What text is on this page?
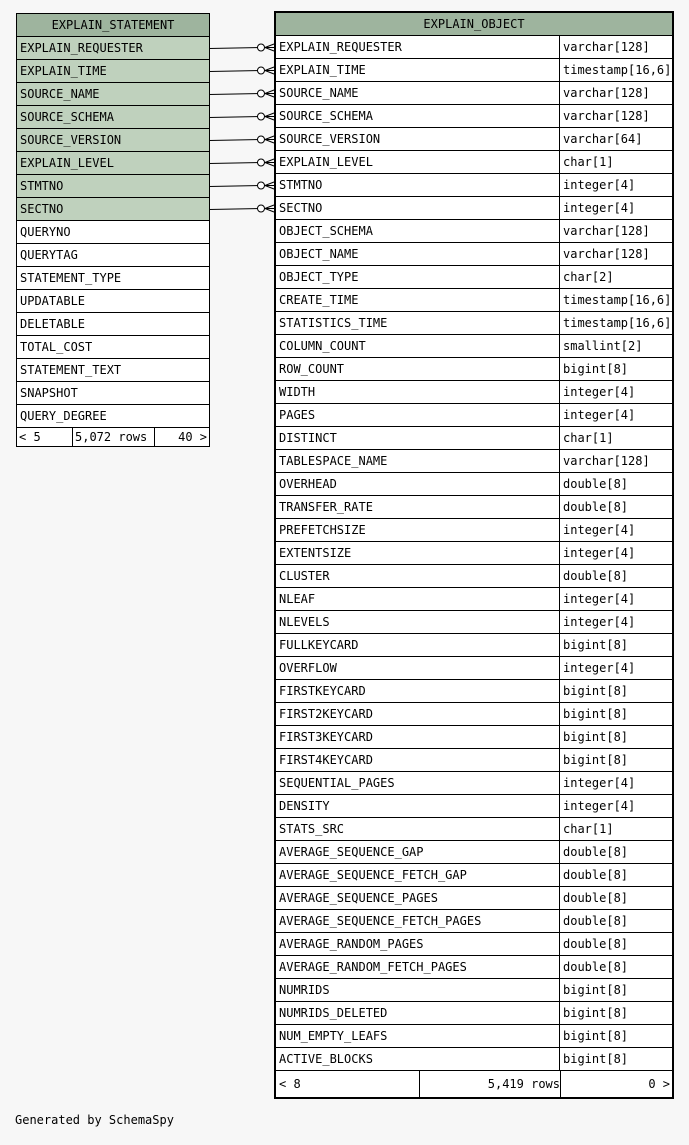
EXPLAIN_STATEMENT
EXPLAIN_REQUESTER
EXPLAIN_TIME
SOURCE_NAME
SOURCE_SCHEMA
SOURCE_VERSION
EXPLAIN_LEVEL
STMTNO
SECTNO
QUERYNO
QUERYTAG
STATEMENT_TYPE
UPDATABLE
DELETABLE
TOTAL_COST
STATEMENT_TEXT
SNAPSHOT
QUERY_DEGREE
< 5	5,072 rows	40 >
EXPLAIN_OBJECT
EXPLAIN_REQUESTER	varchar[128]
EXPLAIN_TIME	timestamp[16,6]
SOURCE_NAME	varchar[128]
SOURCE_SCHEMA	varchar[128]
SOURCE_VERSION	varchar[64]
EXPLAIN_LEVEL	char[1]
STMTNO	integer[4]
SECTNO	integer[4]
OBJECT_SCHEMA	varchar[128]
OBJECT_NAME	varchar[128]
OBJECT_TYPE	char[2]
CREATE_TIME	timestamp[16,6]
STATISTICS_TIME	timestamp[16,6]
COLUMN_COUNT	smallint[2]
ROW_COUNT	bigint[8]
WIDTH	integer[4]
PAGES	integer[4]
DISTINCT	char[1]
TABLESPACE_NAME	varchar[128]
OVERHEAD	double[8]
TRANSFER_RATE	double[8]
PREFETCHSIZE	integer[4]
EXTENTSIZE	integer[4]
CLUSTER	double[8]
NLEAF	integer[4]
NLEVELS	integer[4]
FULLKEYCARD	bigint[8]
OVERFLOW	integer[4]
FIRSTKEYCARD	bigint[8]
FIRST2KEYCARD	bigint[8]
FIRST3KEYCARD	bigint[8]
FIRST4KEYCARD	bigint[8]
SEQUENTIAL_PAGES	integer[4]
DENSITY	integer[4]
STATS_SRC	char[1]
AVERAGE_SEQUENCE_GAP	double[8]
AVERAGE_SEQUENCE_FETCH_GAP	double[8]
AVERAGE_SEQUENCE_PAGES	double[8]
AVERAGE_SEQUENCE_FETCH_PAGES	double[8]
AVERAGE_RANDOM_PAGES	double[8]
AVERAGE_RANDOM_FETCH_PAGES	double[8]
NUMRIDS	bigint[8]
NUMRIDS_DELETED	bigint[8]
NUM_EMPTY_LEAFS	bigint[8]
ACTIVE_BLOCKS	bigint[8]
< 8	5,419 rows	0 >
Generated by SchemaSpy
